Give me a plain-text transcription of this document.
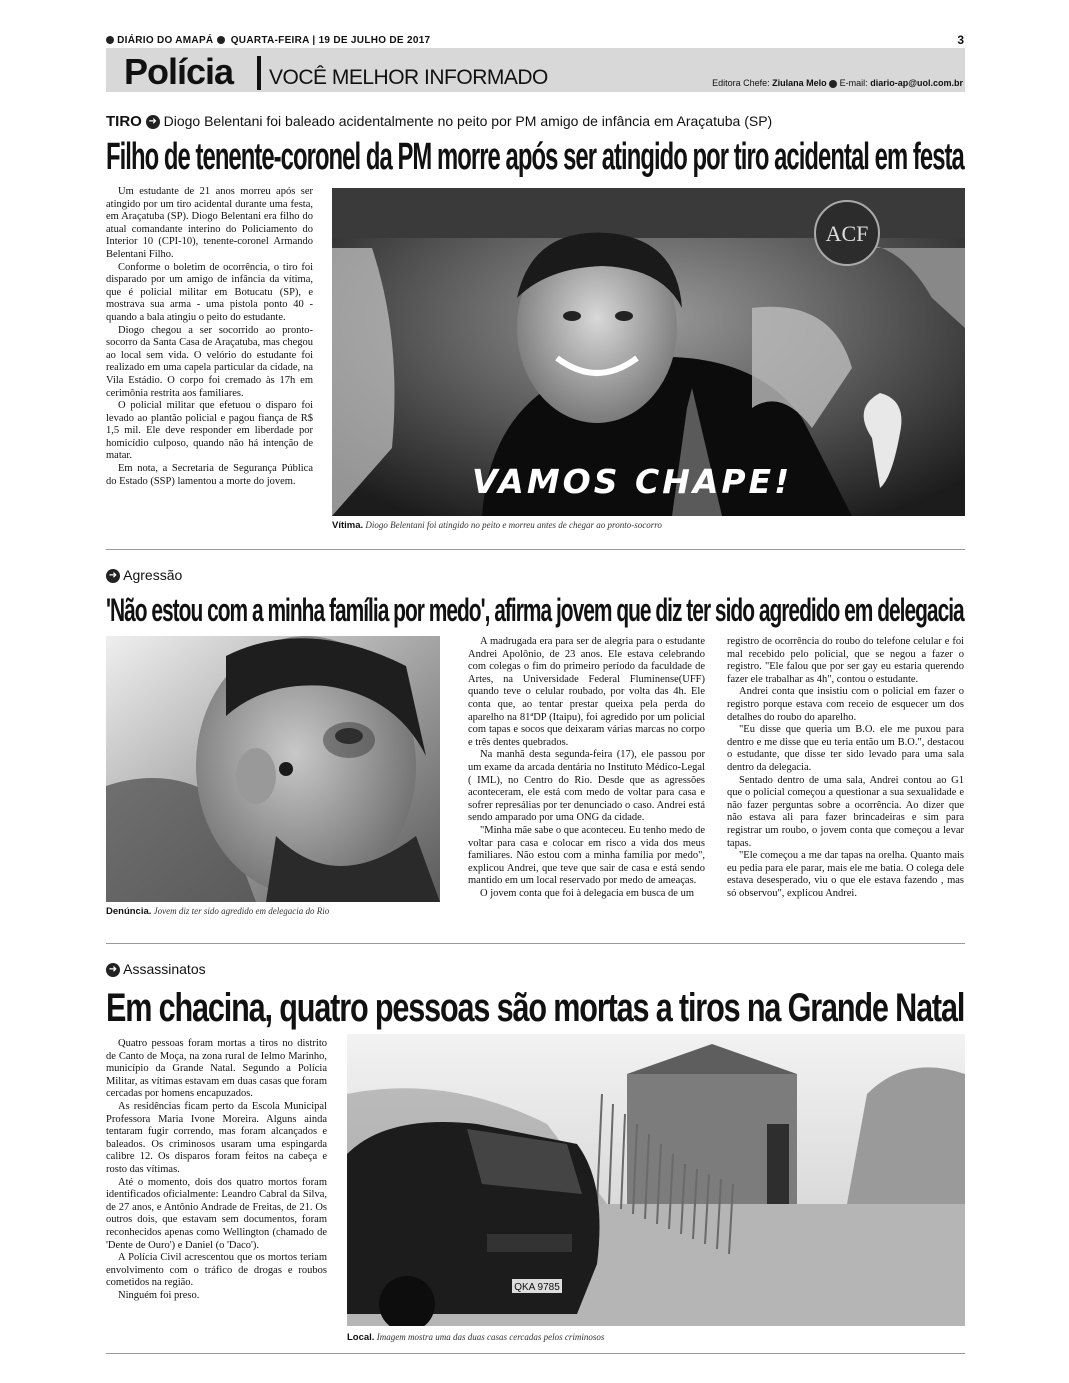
DIÁRIO DO AMAPÁ QUARTA-FEIRA | 19 DE JULHO DE 2017	3
Polícia VOCÊ MELHOR INFORMADO	Editora Chefe: Ziulana Melo E-mail: diario-ap@uol.com.br
TIRO ➜ Diogo Belentani foi baleado acidentalmente no peito por PM amigo de infância em Araçatuba (SP)
Filho de tenente-coronel da PM morre após ser atingido por tiro acidental em festa

Um estudante de 21 anos morreu após ser atingido por um tiro acidental durante uma festa, em Araçatuba (SP). Diogo Belentani era filho do atual comandante interino do Policiamento do Interior 10 (CPI-10), tenente-coronel Armando Belentani Filho.

Conforme o boletim de ocorrência, o tiro foi disparado por um amigo de infância da vítima, que é policial militar em Botucatu (SP), e mostrava sua arma - uma pistola ponto 40 - quando a bala atingiu o peito do estudante.

Diogo chegou a ser socorrido ao pronto-socorro da Santa Casa de Araçatuba, mas chegou ao local sem vida. O velório do estudante foi realizado em uma capela particular da cidade, na Vila Estádio. O corpo foi cremado às 17h em cerimônia restrita aos familiares.

O policial militar que efetuou o disparo foi levado ao plantão policial e pagou fiança de R$ 1,5 mil. Ele deve responder em liberdade por homicídio culposo, quando não há intenção de matar.

Em nota, a Secretaria de Segurança Pública do Estado (SSP) lamentou a morte do jovem.

ACF
VAMOS CHAPE!
Vítima. Diogo Belentani foi atingido no peito e morreu antes de chegar ao pronto-socorro
➜ Agressão
'Não estou com a minha família por medo', afirma jovem que diz ter sido agredido em delegacia
Denúncia. Jovem diz ter sido agredido em delegacia do Rio

A madrugada era para ser de alegria para o estudante Andrei Apolônio, de 23 anos. Ele estava celebrando com colegas o fim do primeiro período da faculdade de Artes, na Universidade Federal Fluminense(UFF) quando teve o celular roubado, por volta das 4h. Ele conta que, ao tentar prestar queixa pela perda do aparelho na 81ªDP (Itaipu), foi agredido por um policial com tapas e socos que deixaram várias marcas no corpo e três dentes quebrados.

Na manhã desta segunda-feira (17), ele passou por um exame da arcada dentária no Instituto Médico-Legal ( IML), no Centro do Rio. Desde que as agressões aconteceram, ele está com medo de voltar para casa e sofrer represálias por ter denunciado o caso. Andrei está sendo amparado por uma ONG da cidade.

"Minha mãe sabe o que aconteceu. Eu tenho medo de voltar para casa e colocar em risco a vida dos meus familiares. Não estou com a minha família por medo", explicou Andrei, que teve que sair de casa e está sendo mantido em um local reservado por medo de ameaças.

O jovem conta que foi à delegacia em busca de um

registro de ocorrência do roubo do telefone celular e foi mal recebido pelo policial, que se negou a fazer o registro. "Ele falou que por ser gay eu estaria querendo fazer ele trabalhar as 4h", contou o estudante.

Andrei conta que insistiu com o policial em fazer o registro porque estava com receio de esquecer um dos detalhes do roubo do aparelho.

"Eu disse que queria um B.O. ele me puxou para dentro e me disse que eu teria então um B.O.", destacou o estudante, que disse ter sido levado para uma sala dentro da delegacia.

Sentado dentro de uma sala, Andrei contou ao G1 que o policial começou a questionar a sua sexualidade e não fazer perguntas sobre a ocorrência. Ao dizer que não estava ali para fazer brincadeiras e sim para registrar um roubo, o jovem conta que começou a levar tapas.

"Ele começou a me dar tapas na orelha. Quanto mais eu pedia para ele parar, mais ele me batia. O colega dele estava desesperado, viu o que ele estava fazendo , mas só observou", explicou Andrei.

➜ Assassinatos
Em chacina, quatro pessoas são mortas a tiros na Grande Natal

Quatro pessoas foram mortas a tiros no distrito de Canto de Moça, na zona rural de Ielmo Marinho, município da Grande Natal. Segundo a Polícia Militar, as vítimas estavam em duas casas que foram cercadas por homens encapuzados.

As residências ficam perto da Escola Municipal Professora Maria Ivone Moreira. Alguns ainda tentaram fugir correndo, mas foram alcançados e baleados. Os criminosos usaram uma espingarda calibre 12. Os disparos foram feitos na cabeça e rosto das vítimas.

Até o momento, dois dos quatro mortos foram identificados oficialmente: Leandro Cabral da Silva, de 27 anos, e Antônio Andrade de Freitas, de 21. Os outros dois, que estavam sem documentos, foram reconhecidos apenas como Wellington (chamado de 'Dente de Ouro') e Daniel (o 'Daco').

A Polícia Civil acrescentou que os mortos teriam envolvimento com o tráfico de drogas e roubos cometidos na região.

Ninguém foi preso.

QKA 9785
Local. Imagem mostra uma das duas casas cercadas pelos criminosos
